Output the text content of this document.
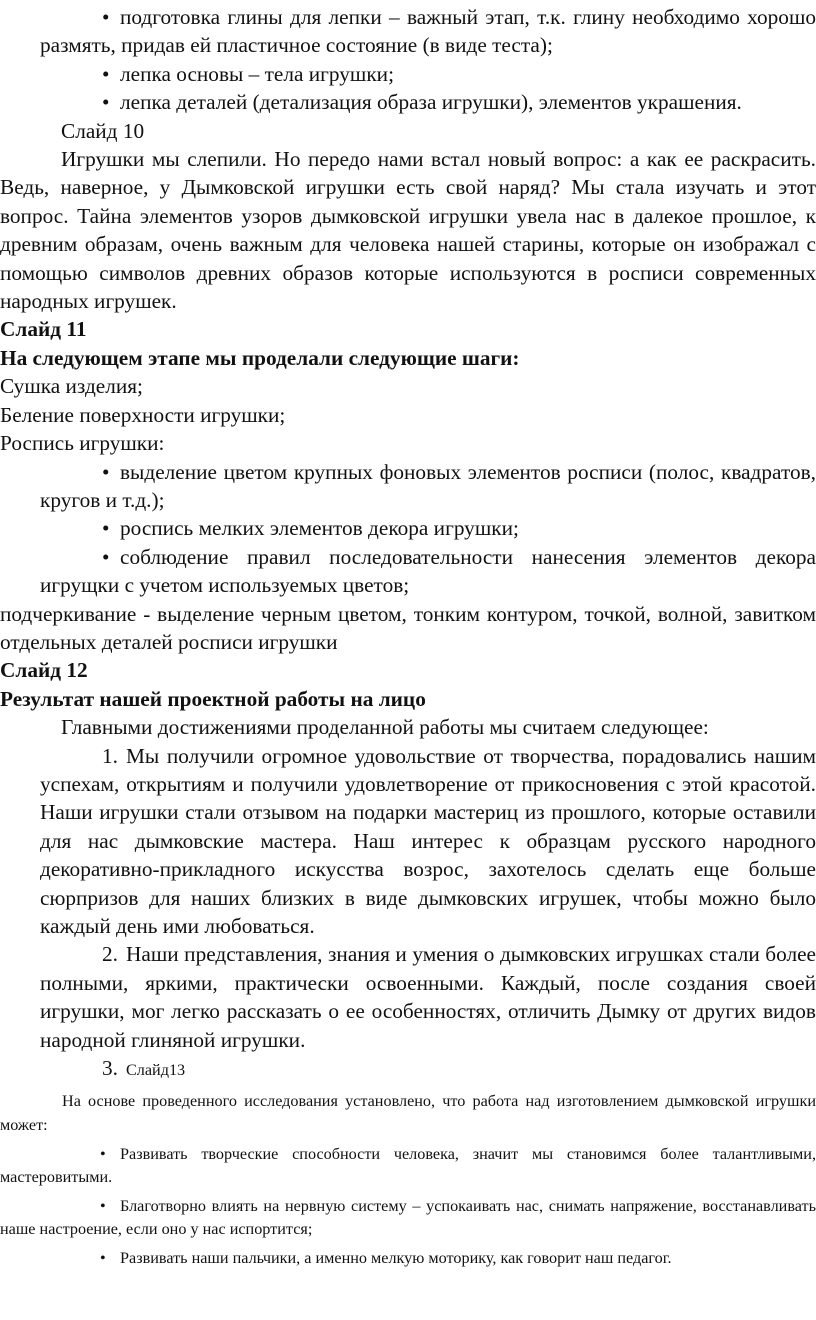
• подготовка глины для лепки – важный этап, т.к. глину необходимо хорошо размять, придав ей пластичное состояние (в виде теста);

• лепка основы – тела игрушки;

• лепка деталей (детализация образа игрушки), элементов украшения.

Слайд 10

Игрушки мы слепили. Но передо нами встал новый вопрос: а как ее раскрасить. Ведь, наверное, у Дымковской игрушки есть свой наряд? Мы стала изучать и этот вопрос. Тайна элементов узоров дымковской игрушки увела нас в далекое прошлое, к древним образам, очень важным для человека нашей старины, которые он изображал с помощью символов древних образов которые используются в росписи современных народных игрушек.

Слайд 11

На следующем этапе мы проделали следующие шаги:

Сушка изделия;

Беление поверхности игрушки;

Роспись игрушки:

• выделение цветом крупных фоновых элементов росписи (полос, квадратов, кругов и т.д.);

• роспись мелких элементов декора игрушки;

• соблюдение правил последовательности нанесения элементов декора игрущки с учетом используемых цветов;

подчеркивание - выделение черным цветом, тонким контуром, точкой, волной, завитком отдельных деталей росписи игрушки

Слайд 12

Результат нашей проектной работы на лицо

Главными достижениями проделанной работы мы считаем следующее:

1. Мы получили огромное удовольствие от творчества, порадовались нашим успехам, открытиям и получили удовлетворение от прикосновения с этой красотой. Наши игрушки стали отзывом на подарки мастериц из прошлого, которые оставили для нас дымковские мастера. Наш интерес к образцам русского народного декоративно-прикладного искусства возрос, захотелось сделать еще больше сюрпризов для наших близких в виде дымковских игрушек, чтобы можно было каждый день ими любоваться.

2. Наши представления, знания и умения о дымковских игрушках стали более полными, яркими, практически освоенными. Каждый, после создания своей игрушки, мог легко рассказать о ее особенностях, отличить Дымку от других видов народной глиняной игрушки.

3. Слайд13

На основе проведенного исследования установлено, что работа над изготовлением дымковской игрушки может:

• Развивать творческие способности человека, значит мы становимся более талантливыми, мастеровитыми.

• Благотворно влиять на нервную систему – успокаивать нас, снимать напряжение, восстанавливать наше настроение, если оно у нас испортится;

• Развивать наши пальчики, а именно мелкую моторику, как говорит наш педагог.
